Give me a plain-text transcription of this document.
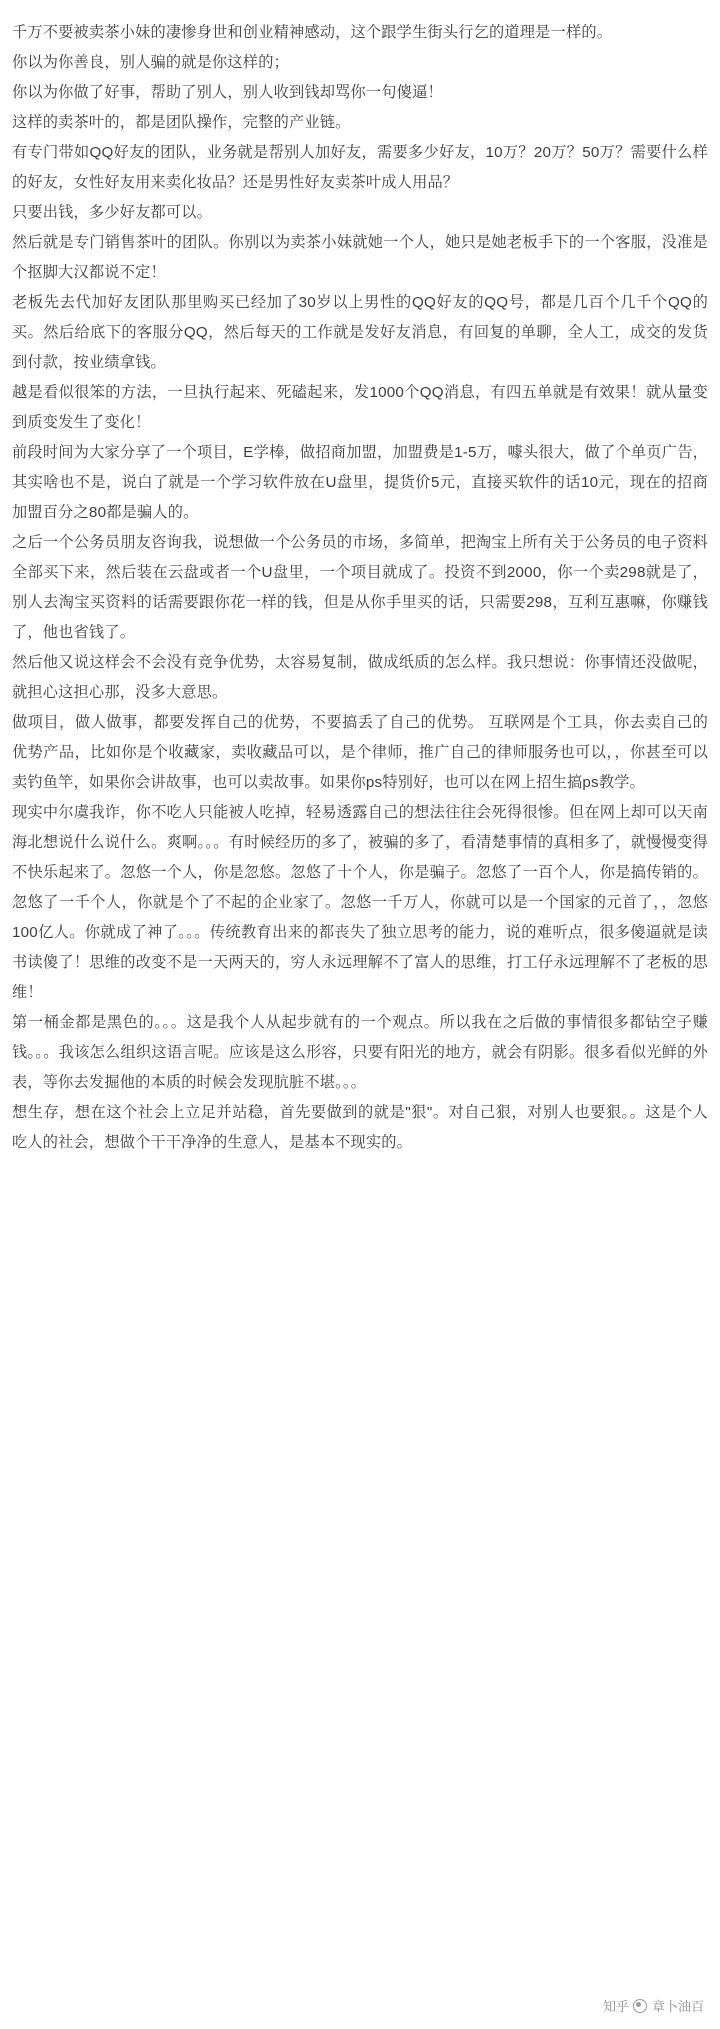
千万不要被卖茶小妹的凄惨身世和创业精神感动，这个跟学生街头行乞的道理是一样的。

你以为你善良，别人骗的就是你这样的；

你以为你做了好事，帮助了别人，别人收到钱却骂你一句傻逼！

这样的卖茶叶的，都是团队操作，完整的产业链。

有专门带如QQ好友的团队，业务就是帮别人加好友，需要多少好友，10万？20万？50万？需要什么样的好友，女性好友用来卖化妆品？还是男性好友卖茶叶成人用品？

只要出钱，多少好友都可以。

然后就是专门销售茶叶的团队。你别以为卖茶小妹就她一个人，她只是她老板手下的一个客服，没准是个抠脚大汉都说不定！

老板先去代加好友团队那里购买已经加了30岁以上男性的QQ好友的QQ号，都是几百个几千个QQ的买。然后给底下的客服分QQ，然后每天的工作就是发好友消息，有回复的单聊，全人工，成交的发货到付款，按业绩拿钱。

越是看似很笨的方法，一旦执行起来、死磕起来，发1000个QQ消息，有四五单就是有效果！就从量变到质变发生了变化！

前段时间为大家分享了一个项目，E学棒，做招商加盟，加盟费是1-5万，噱头很大，做了个单页广告，其实啥也不是，说白了就是一个学习软件放在U盘里，提货价5元，直接买软件的话10元，现在的招商加盟百分之80都是骗人的。

之后一个公务员朋友咨询我，说想做一个公务员的市场，多简单，把淘宝上所有关于公务员的电子资料全部买下来，然后装在云盘或者一个U盘里，一个项目就成了。投资不到2000，你一个卖298就是了，别人去淘宝买资料的话需要跟你花一样的钱，但是从你手里买的话，只需要298，互利互惠嘛，你赚钱了，他也省钱了。

然后他又说这样会不会没有竞争优势，太容易复制，做成纸质的怎么样。我只想说：你事情还没做呢，就担心这担心那，没多大意思。

做项目，做人做事，都要发挥自己的优势，不要搞丢了自己的优势。 互联网是个工具，你去卖自己的优势产品，比如你是个收藏家，卖收藏品可以，是个律师，推广自己的律师服务也可以，，你甚至可以卖钓鱼竿，如果你会讲故事，也可以卖故事。如果你ps特别好，也可以在网上招生搞ps教学。

现实中尔虞我诈，你不吃人只能被人吃掉，轻易透露自己的想法往往会死得很惨。但在网上却可以天南海北想说什么说什么。爽啊。。。有时候经历的多了，被骗的多了，看清楚事情的真相多了，就慢慢变得不快乐起来了。忽悠一个人，你是忽悠。忽悠了十个人，你是骗子。忽悠了一百个人，你是搞传销的。忽悠了一千个人，你就是个了不起的企业家了。忽悠一千万人，你就可以是一个国家的元首了，，忽悠100亿人。你就成了神了。。。传统教育出来的都丧失了独立思考的能力，说的难听点，很多傻逼就是读书读傻了！思维的改变不是一天两天的，穷人永远理解不了富人的思维，打工仔永远理解不了老板的思维！

第一桶金都是黑色的。。。这是我个人从起步就有的一个观点。所以我在之后做的事情很多都钻空子赚钱。。。我该怎么组织这语言呢。应该是这么形容，只要有阳光的地方，就会有阴影。很多看似光鲜的外表，等你去发掘他的本质的时候会发现肮脏不堪。。。

想生存，想在这个社会上立足并站稳，首先要做到的就是"狠"。对自己狠，对别人也要狠。。这是个人吃人的社会，想做个干干净净的生意人，是基本不现实的。

知乎 章卜油百
